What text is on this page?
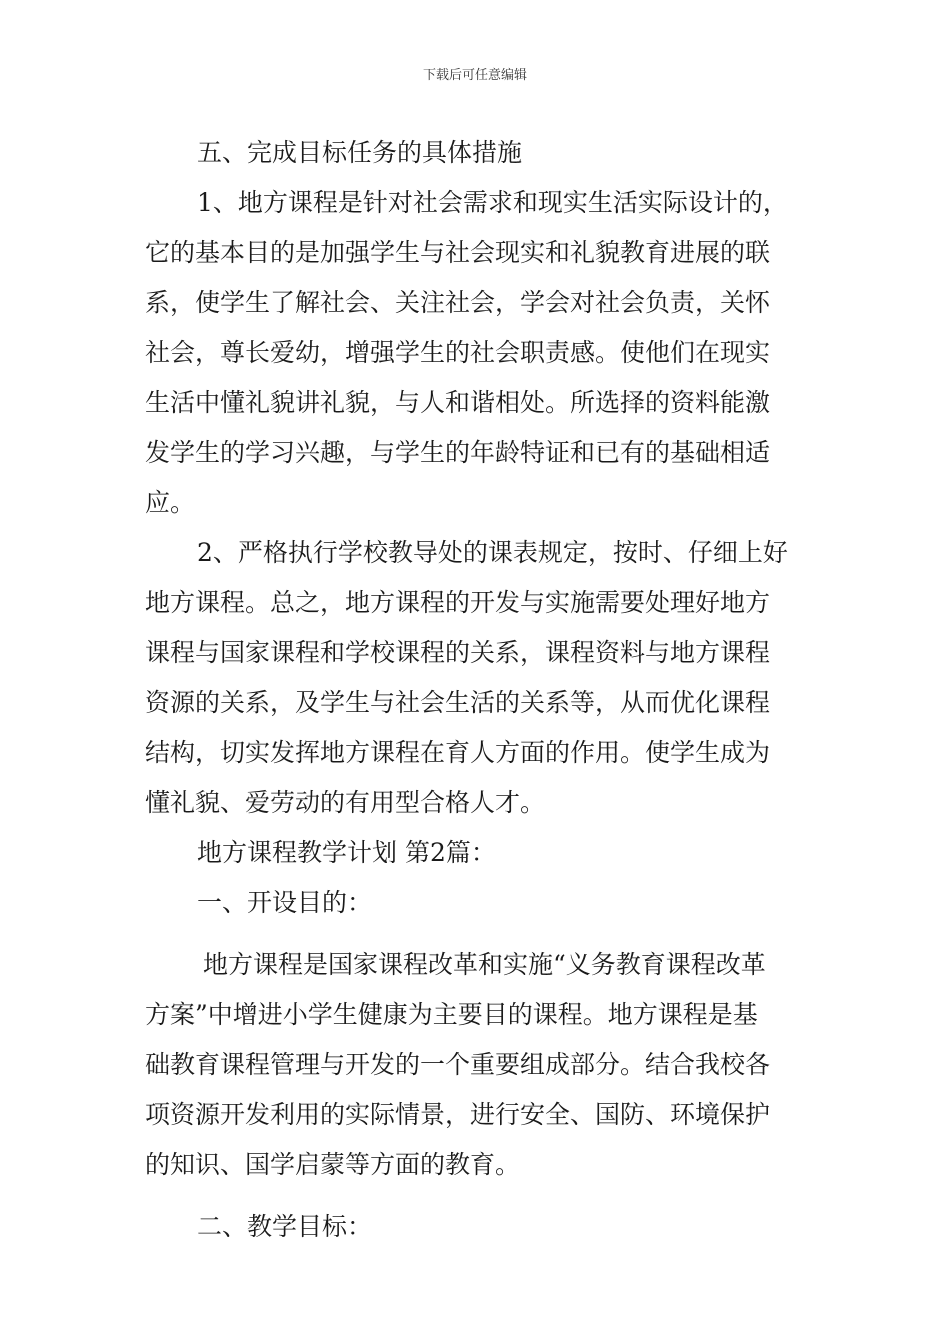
下载后可任意编辑
五、完成目标任务的具体措施
1、地方课程是针对社会需求和现实生活实际设计的，
它的基本目的是加强学生与社会现实和礼貌教育进展的联
系，使学生了解社会、关注社会，学会对社会负责，关怀
社会，尊长爱幼，增强学生的社会职责感。使他们在现实
生活中懂礼貌讲礼貌，与人和谐相处。所选择的资料能激
发学生的学习兴趣，与学生的年龄特证和已有的基础相适
应。
2、严格执行学校教导处的课表规定，按时、仔细上好
地方课程。总之，地方课程的开发与实施需要处理好地方
课程与国家课程和学校课程的关系，课程资料与地方课程
资源的关系，及学生与社会生活的关系等，从而优化课程
结构，切实发挥地方课程在育人方面的作用。使学生成为
懂礼貌、爱劳动的有用型合格人才。
地方课程教学计划 第2篇：
一、开设目的：
地方课程是国家课程改革和实施“义务教育课程改革
方案”中增进小学生健康为主要目的课程。地方课程是基
础教育课程管理与开发的一个重要组成部分。结合我校各
项资源开发利用的实际情景，进行安全、国防、环境保护
的知识、国学启蒙等方面的教育。
二、教学目标：
